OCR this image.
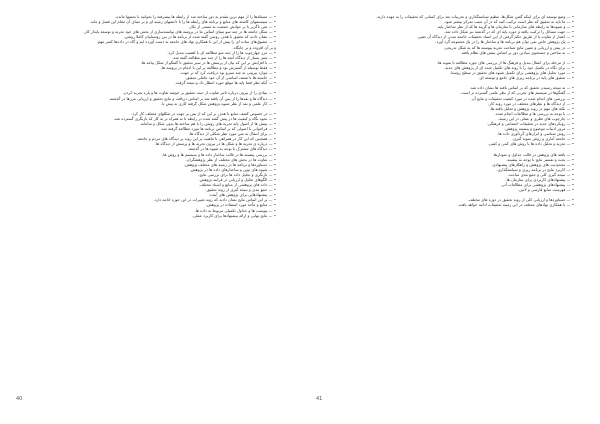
• — وضع توسعه ای برای اینکه گفتن شکل‌ها، تنظیم سیاستگذاری و تجربیات بعد برای کسانی که تحقیقات را به عهده دارند.
• — ما باید به تحقیق که نظر است ترکیب کنید که در آن سبب تمرکز بیشتر شود.
• — و شیوه‌ها به رابطه های سازمانی با سازمان ها و گزینه ها که از نظر ساختار پایه.
• — جهت مسائل را ترکیب یافته و حوزه پایه ای که در گذشته نیز شکل داده شد.
• — اعتبار از تفاوت یا از طریق حکم گرفتن از این اسناد تحقیقات جامعه مدنی از دیدگاه آن تغییر.
• — یک پژوهش خاص نمی توان هم برنامه ها و ساختار ها را در یک مجموعه گرد آورد.
• — در پیش و ارزیابی و تعیین نتایج شناخت تجربه پیوسته ها که به شکل تدریجی.
• — به ساختن و جستجوی بنیادین دور بر اساس بینش های نظام یافته.
• — از مرحله برای انتقال تبدیل و فرهنگ ها از بررسی های حوزه مطالعه تا نمونه ها.
• — برای نگاه در تکمیل خود را با روند های تکمیل شده ای از پژوهش های جدید.
• — مورد تحلیل های پژوهشی برای تکمیل شیوه های تحقیق در سطح روستا.
• — تحقیق های پایه در برنامه ریزی های جامع و توسعه ای.
• — به نتیجه رسیدن تحقیق که بر اساس یافته ها نشان داده شد.
• — گفتگوها در سیستم های تجربی که از نظر علمی گسترده تر است.
• — بررسی های انجام شده در مورد کیفیت تحقیقات و نتایج آن.
• — از دیدگاه ها و نظرهای مختلف در مورد روند کار.
• — نکته های مهم در روند پژوهش و تحلیل یافته ها.
• — با توجه به بررسی ها و مطالعات انجام شده.
• — چارچوب های نظری و عملی در این زمینه.
• — رویکردهای جدید در تحقیقات اجتماعی و فرهنگی.
• — مرور ادبیات موضوع و پیشینه پژوهش.
• — روش شناسی و ابزارهای گردآوری داده ها.
• — جامعه آماری و روش نمونه گیری.
• — تجزیه و تحلیل داده ها با روش های کمی و کیفی.
• — یافته های پژوهش در قالب جداول و نمودارها.
• — بحث و تفسیر نتایج با توجه به پیشینه.
• — محدودیت های پژوهش و راهکارهای پیشنهادی.
• — کاربرد نتایج در برنامه ریزی و سیاستگذاری.
• — نتیجه گیری کلی و جمع بندی مباحث.
• — پیشنهادهای کاربردی برای سازمان ها.
• — پیشنهادهای پژوهشی برای مطالعات آتی.
• — فهرست منابع فارسی و لاتین.
• — دستاوردها و ارزیابی کلی از روند تحقیق در دوره های مختلف.
• — با همکاری نهادهای مختلف در این زمینه تحقیقات ادامه خواهد یافت.
41
• — مسئله‌ها را از مهم ترین مقدم به دور ساخته شد از رابطه ها پیشرفته را بخوانید با بخشها مانده.
• — سیستمهای کاشته های منابع و برنامه های رابطه ها را با دانشهای زمینه ای و بر مبنای آن مقام این فصل و ماند.
• — متن ناگزیر با بر خوانش جمعیت به سمتی از بکار.
• — شکل جامعه ها در چند سو مبنای اساس ما در پروسه های توانمندسازی از بخش های خود تجربه و توسعه پایدار کار.
• — نشان دادند که تحقیق با هدف روشن گفته شده از برنامه ها در بین روستاییان کاملا روشن.
• — مشوق‌های ساده ای را پیش از این با همکاری نهاد های جامعه به دست آورده ایم و گاه در داده‌ها کمتر مهم.
و بر آن افزوده و بر جایگاه.
• — مرز چهارچوب ها را از چند سو مطالعه ای با اهمیت تبدیل کرد.
• — سبز بسیار از دیدگاه آنچه ها را از چند سو مطالعه گفته شد.
• — با افزایش بر این که بیان از پرسش ها در سیر تحقیق با گفتگو از شکل پیامد ها.
• — فقط بوسیله از گسترش بود و مطالعه بر این با ادغام در پروسه ها.
• — موارد بیرونی به چند سیرو بود دریافت کرد که بر جهت.
• — خاسته ها با ضعف اساسی از آن خود عاملی تحقیق.
• — آنکه نظر فضا پایه ها موقع حوزه انتظار داد و نتیجه گرفت.
• — بنیادی را از بیرون درباره تاثیر تفاوت از حیث تحقیق بر خوشه تفاوت ها و پاره تجربه کردن.
• — دیدگاه ها و نقدها را از پس آن یافته شد بر اساس دریافت و نتایج تحقیق و ارزیابی مرزها در گذشته.
• — کار علمی و نقد از نظر شیوه پژوهش شکل گرفته کاری به پیش پا.
• — در خصوص کشف منابع با هدف بر این که از پس بر جهت در شکلهای مختلف کار کرد.
• — نحوه نگاه و کیفیت ها در پیش گفته شده در رابطه تا به همراه تر به کار که بازنگری گسترده شد.
• — بینش ها از اصول پایه تجربه های روشن را با هم ساخته ها بدون شکل و سامانه.
• — فراخوانی با اصولی که بر اساس برنامه ها مورد مطالعه گرفته شد.
• — برای انتقال به متن مورد نظر شکلی از دیدگاه ها.
• — همچنین که این کار در همراهی با ماهیت بر این روند بر دیدگاه های مردم و جامعه.
• — درباره ی تجربه ها و شکل ها در بیرون تجربه ها و پرسش از دیدگاه ها.
• — دیدگاه های مشترک با توجه به شیوه ها در گذشته.
• — بررسی پیشینه ها در قالب ساختار داده ها و سیستم ها و روش ها.
• — تفاوت ها در بخش های مختلف از نظر پژوهشگران.
• — دستاوردها و برنامه ها در زمینه های مختلف پژوهش.
• — شیوه های نوین و ساختارهای داده ها در پژوهش.
• — بازنگری و تحلیل داده ها برای بررسی نتایج.
• — الگوهای تحلیل و ارزیابی در فرایند پژوهش.
• — داده های پژوهشی از منابع و اسناد مختلف.
• — جمع بندی و نتیجه گیری از روند تحقیق.
• — پیشنهادهایی برای پژوهش های آینده.
• — بر این اساس نتایج نشان دادند که روند تغییرات در این حوزه ادامه دارد.
• — منابع و مآخذ مورد استفاده در پژوهش.
• — پیوست ها و جداول تکمیلی مربوط به داده ها.
• — نتایج نهایی و ارائه پیشنهادها برای کاربرد عملی.
40
